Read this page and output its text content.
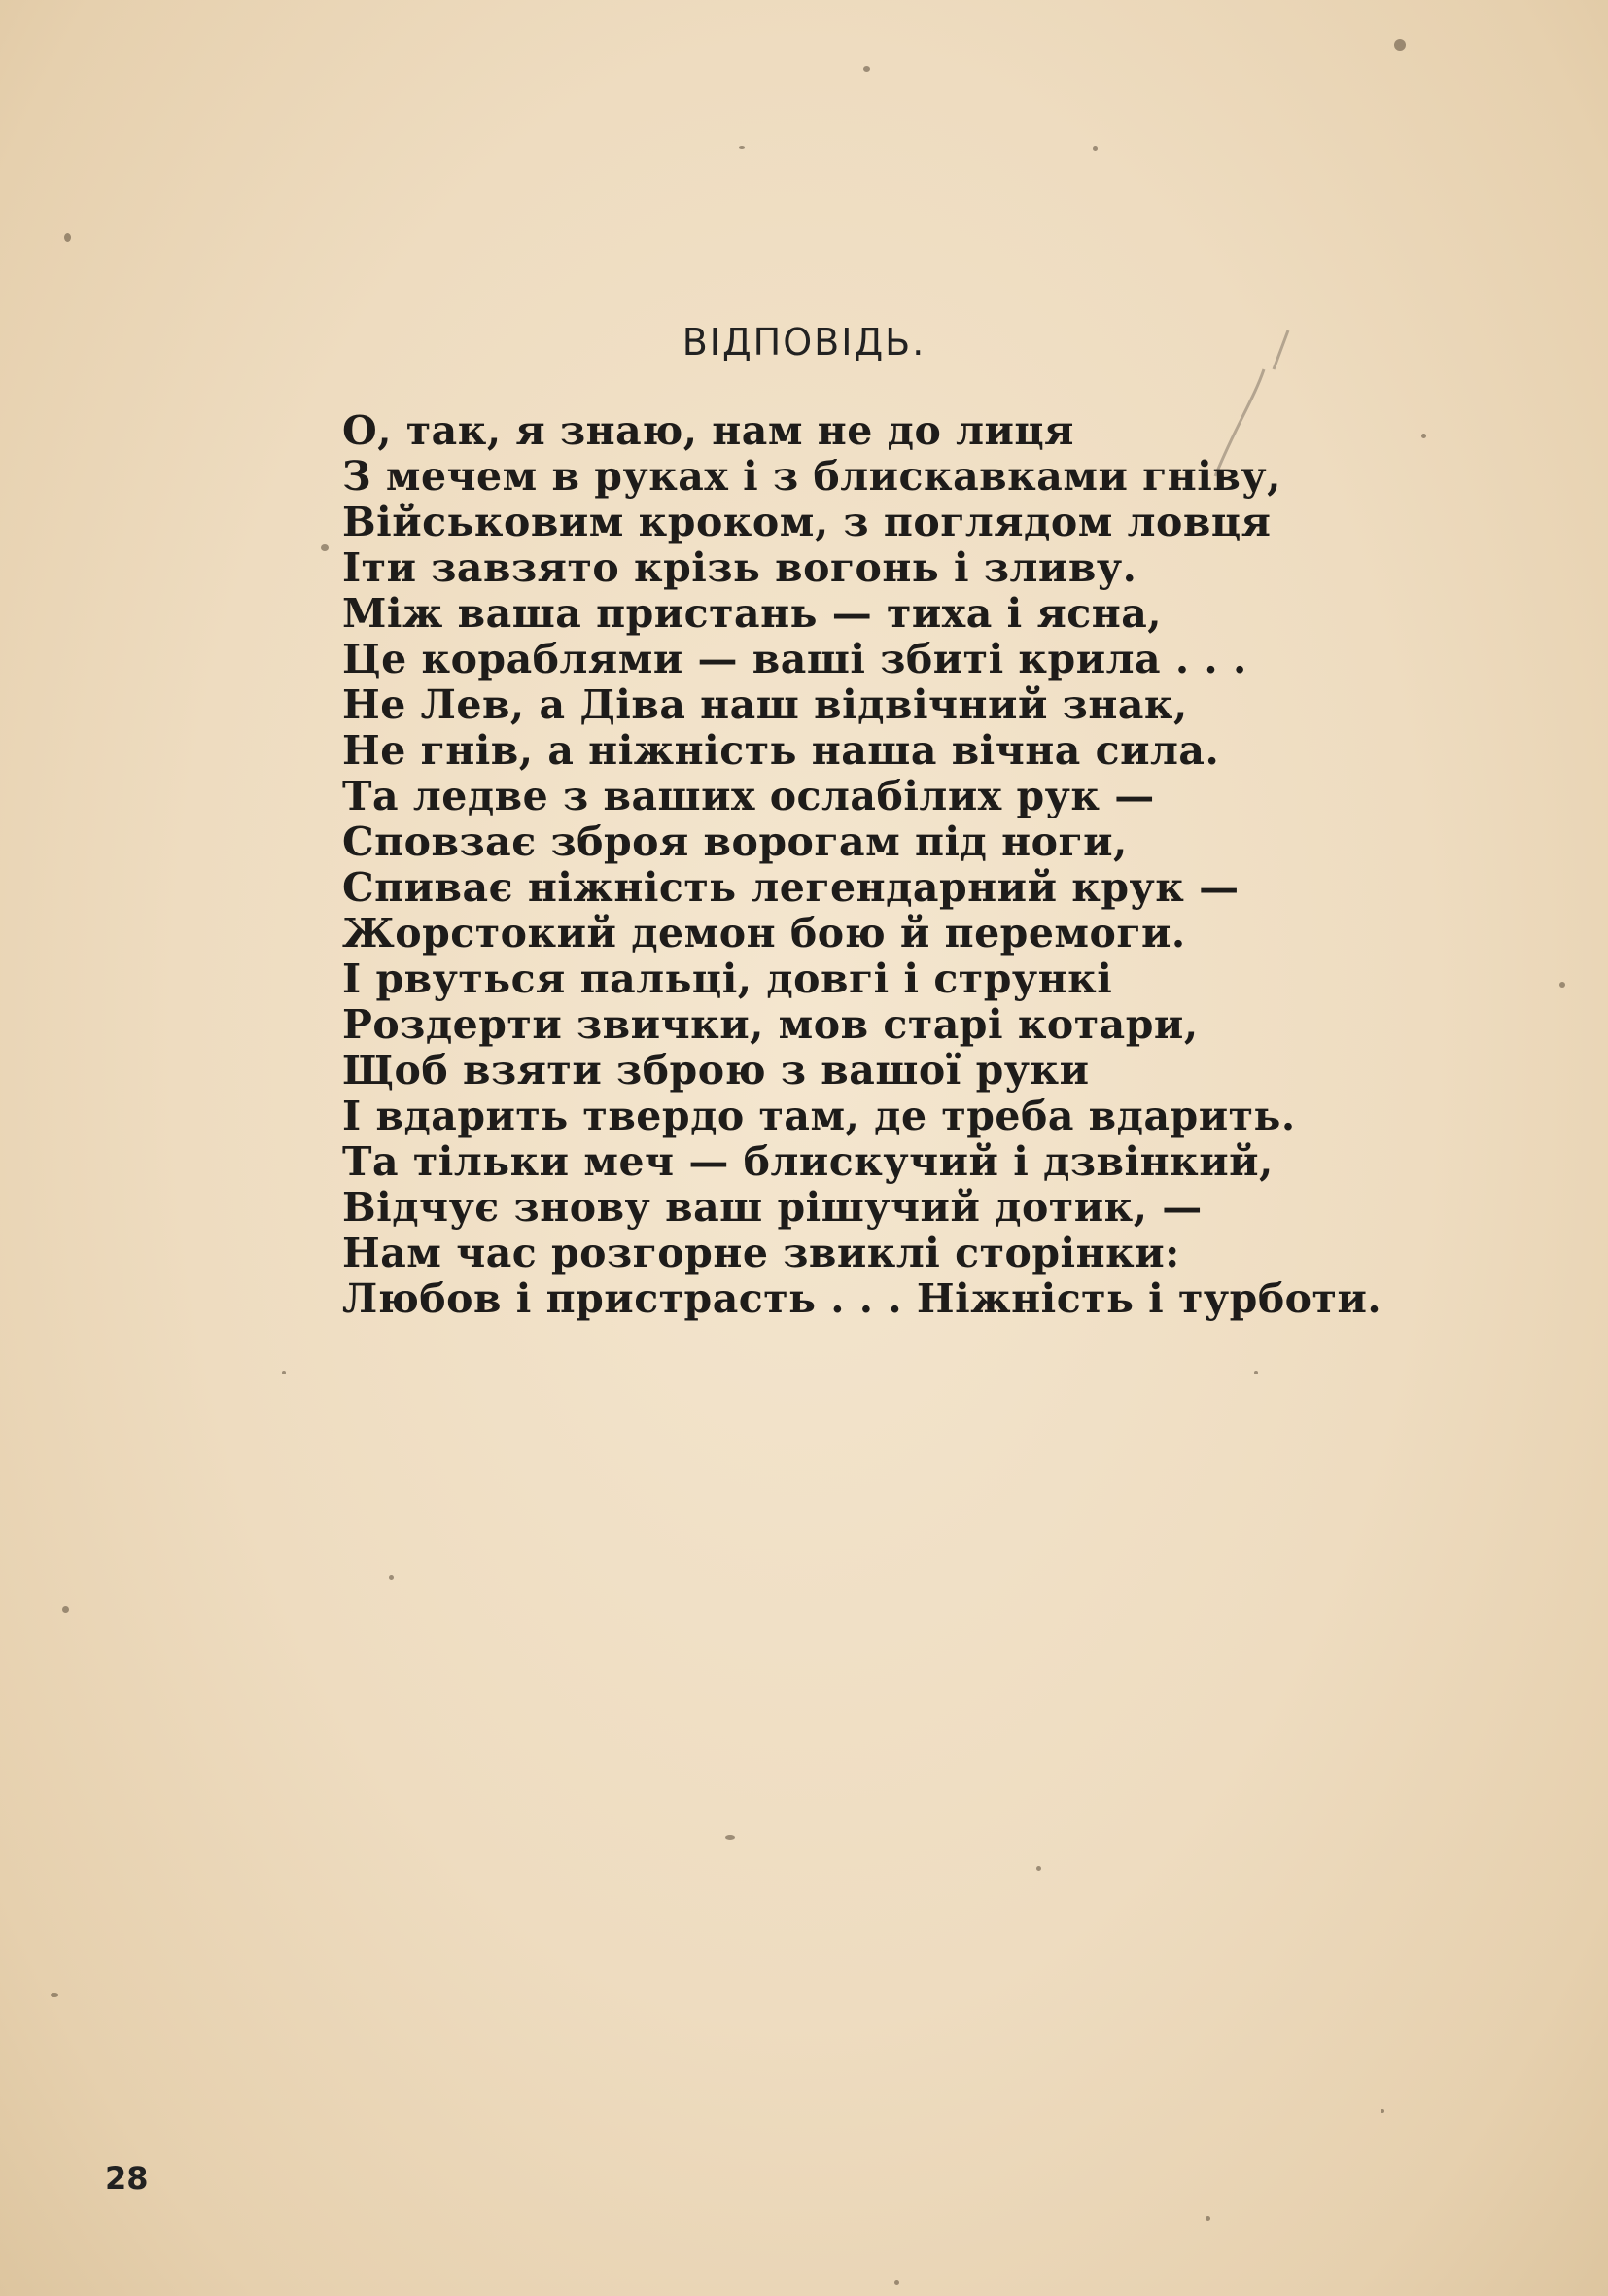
ВІДПОВІДЬ.
О, так, я знаю, нам не до лиця
З мечем в руках і з блискавками гніву,
Військовим кроком, з поглядом ловця
Іти завзято крізь вогонь і зливу.
Мiж ваша пристань — тиха і ясна,
Це кораблями — ваші збиті крила . . .
Не Лев, а Діва наш відвічний знак,
Не гнів, а ніжність наша вічна сила.
Та ледве з ваших ослабілих рук —
Сповзає зброя ворогам під ноги,
Спиває ніжність легендарний крук —
Жорстокий демон бою й перемоги.
І рвуться пальці, довгі і стрункі
Роздерти звички, мов старі котари,
Щоб взяти зброю з вашої руки
І вдарить твердо там, де треба вдарить.
Та тільки меч — блискучий і дзвінкий,
Відчує знову ваш рішучий дотик, —
Нам час розгорне звиклі сторінки:
Любов і пристрасть . . . Ніжність і турботи.
28
